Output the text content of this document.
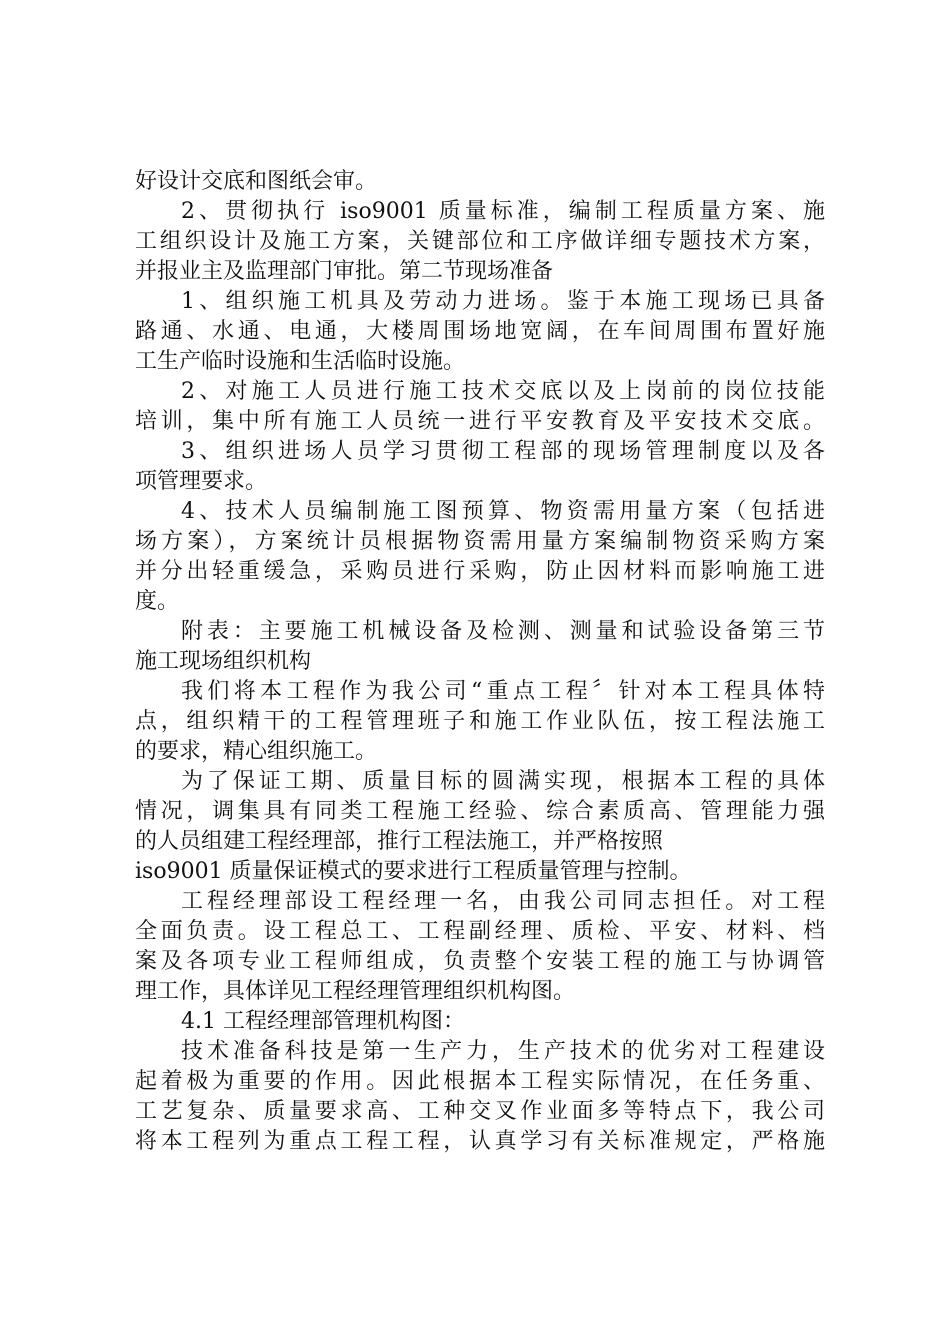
好设计交底和图纸会审。
2、贯彻执行 iso9001 质量标准，编制工程质量方案、施
工组织设计及施工方案，关键部位和工序做详细专题技术方案，
并报业主及监理部门审批。第二节现场准备
1、组织施工机具及劳动力进场。鉴于本施工现场已具备
路通、水通、电通，大楼周围场地宽阔，在车间周围布置好施
工生产临时设施和生活临时设施。
2、对施工人员进行施工技术交底以及上岗前的岗位技能
培训，集中所有施工人员统一进行平安教育及平安技术交底。
3、组织进场人员学习贯彻工程部的现场管理制度以及各
项管理要求。
4、技术人员编制施工图预算、物资需用量方案（包括进
场方案），方案统计员根据物资需用量方案编制物资采购方案
并分出轻重缓急，采购员进行采购，防止因材料而影响施工进
度。
附表：主要施工机械设备及检测、测量和试验设备第三节
施工现场组织机构
我们将本工程作为我公司“重点工程〞针对本工程具体特
点，组织精干的工程管理班子和施工作业队伍，按工程法施工
的要求，精心组织施工。
为了保证工期、质量目标的圆满实现，根据本工程的具体
情况，调集具有同类工程施工经验、综合素质高、管理能力强
的人员组建工程经理部，推行工程法施工，并严格按照
iso9001 质量保证模式的要求进行工程质量管理与控制。
工程经理部设工程经理一名，由我公司同志担任。对工程
全面负责。设工程总工、工程副经理、质检、平安、材料、档
案及各项专业工程师组成，负责整个安装工程的施工与协调管
理工作，具体详见工程经理管理组织机构图。
4.1 工程经理部管理机构图：
技术准备科技是第一生产力，生产技术的优劣对工程建设
起着极为重要的作用。因此根据本工程实际情况，在任务重、
工艺复杂、质量要求高、工种交叉作业面多等特点下，我公司
将本工程列为重点工程工程，认真学习有关标准规定，严格施
